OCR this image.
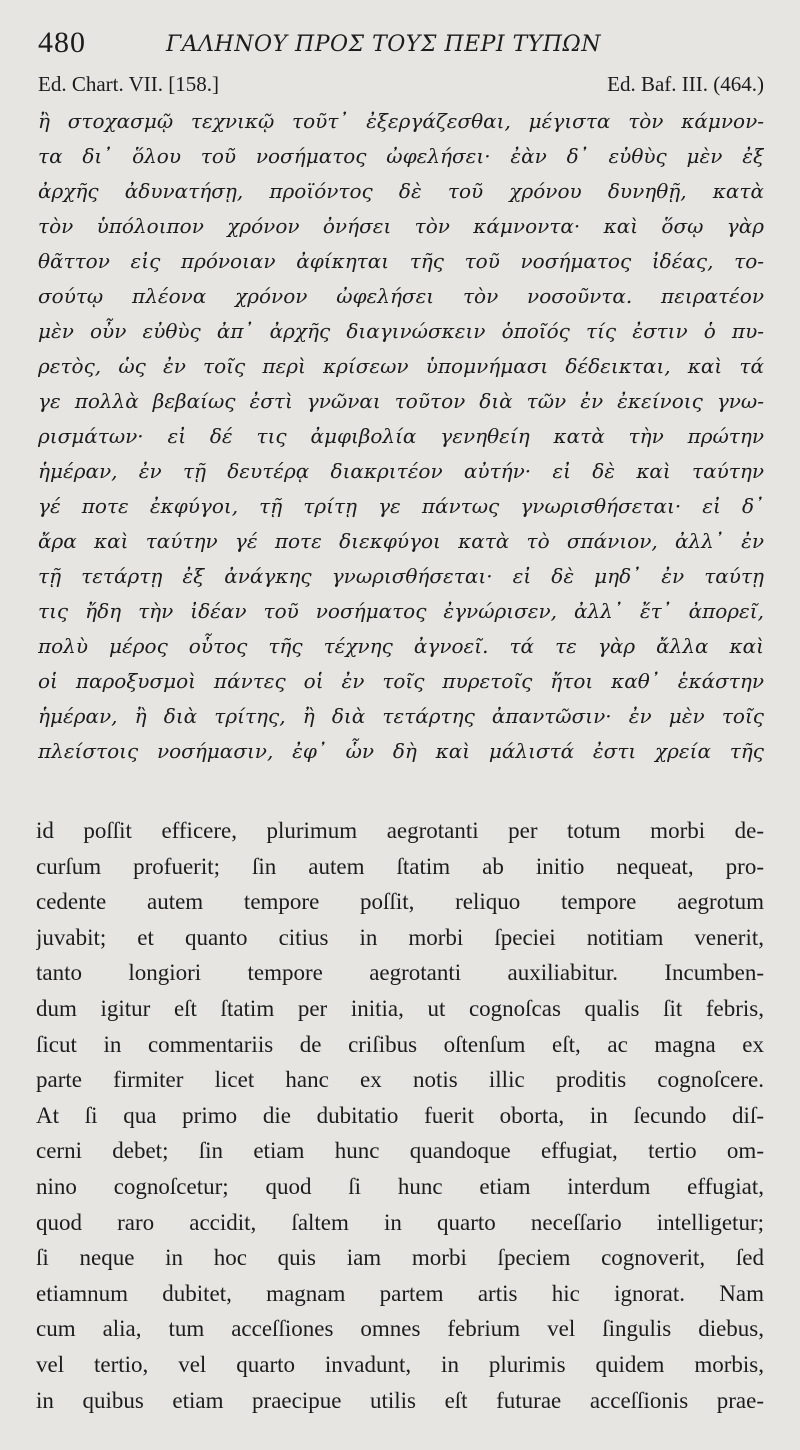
480	ΓΑΛΗΝΟΥ ΠΡΟΣ ΤΟΥΣ ΠΕΡΙ ΤΥΠΩΝ
Ed. Chart. VII. [158.]	Ed. Baf. III. (464.)
ἢ στοχασμῷ τεχνικῷ τοῦτ᾽ ἐξεργάζεσθαι, μέγιστα τὸν κάμνον-
τα δι᾽ ὅλου τοῦ νοσήματος ὠφελήσει· ἐὰν δ᾽ εὐθὺς μὲν ἐξ
ἀρχῆς ἀδυνατήσῃ, προϊόντος δὲ τοῦ χρόνου δυνηθῇ, κατὰ
τὸν ὑπόλοιπον χρόνον ὀνήσει τὸν κάμνοντα· καὶ ὅσῳ γὰρ
θᾶττον εἰς πρόνοιαν ἀφίκηται τῆς τοῦ νοσήματος ἰδέας, το-
σούτῳ πλέονα χρόνον ὠφελήσει τὸν νοσοῦντα. πειρατέον
μὲν οὖν εὐθὺς ἀπ᾽ ἀρχῆς διαγινώσκειν ὁποῖός τίς ἐστιν ὁ πυ-
ρετὸς, ὡς ἐν τοῖς περὶ κρίσεων ὑπομνήμασι δέδεικται, καὶ τά
γε πολλὰ βεβαίως ἐστὶ γνῶναι τοῦτον διὰ τῶν ἐν ἐκείνοις γνω-
ρισμάτων· εἰ δέ τις ἀμφιβολία γενηθείη κατὰ τὴν πρώτην
ἡμέραν, ἐν τῇ δευτέρᾳ διακριτέον αὐτήν· εἰ δὲ καὶ ταύτην
γέ ποτε ἐκφύγοι, τῇ τρίτῃ γε πάντως γνωρισθήσεται· εἰ δ᾽
ἄρα καὶ ταύτην γέ ποτε διεκφύγοι κατὰ τὸ σπάνιον, ἀλλ᾽ ἐν
τῇ τετάρτῃ ἐξ ἀνάγκης γνωρισθήσεται· εἰ δὲ μηδ᾽ ἐν ταύτῃ
τις ἤδη τὴν ἰδέαν τοῦ νοσήματος ἐγνώρισεν, ἀλλ᾽ ἔτ᾽ ἀπορεῖ,
πολὺ μέρος οὗτος τῆς τέχνης ἀγνοεῖ. τά τε γὰρ ἄλλα καὶ
οἱ παροξυσμοὶ πάντες οἱ ἐν τοῖς πυρετοῖς ἤτοι καθ᾽ ἑκάστην
ἡμέραν, ἢ διὰ τρίτης, ἢ διὰ τετάρτης ἀπαντῶσιν· ἐν μὲν τοῖς
πλείστοις νοσήμασιν, ἐφ᾽ ὧν δὴ καὶ μάλιστά ἐστι χρεία τῆς
id poſſit efficere, plurimum aegrotanti per totum morbi de-
curſum profuerit; ſin autem ſtatim ab initio nequeat, pro-
cedente autem tempore poſſit, reliquo tempore aegrotum
juvabit; et quanto citius in morbi ſpeciei notitiam venerit,
tanto longiori tempore aegrotanti auxiliabitur. Incumben-
dum igitur eſt ſtatim per initia, ut cognoſcas qualis ſit febris,
ſicut in commentariis de criſibus oſtenſum eſt, ac magna ex
parte firmiter licet hanc ex notis illic proditis cognoſcere.
At ſi qua primo die dubitatio fuerit oborta, in ſecundo diſ-
cerni debet; ſin etiam hunc quandoque effugiat, tertio om-
nino cognoſcetur; quod ſi hunc etiam interdum effugiat,
quod raro accidit, ſaltem in quarto neceſſario intelligetur;
ſi neque in hoc quis iam morbi ſpeciem cognoverit, ſed
etiamnum dubitet, magnam partem artis hic ignorat. Nam
cum alia, tum acceſſiones omnes febrium vel ſingulis diebus,
vel tertio, vel quarto invadunt, in plurimis quidem morbis,
in quibus etiam praecipue utilis eſt futurae acceſſionis prae-
